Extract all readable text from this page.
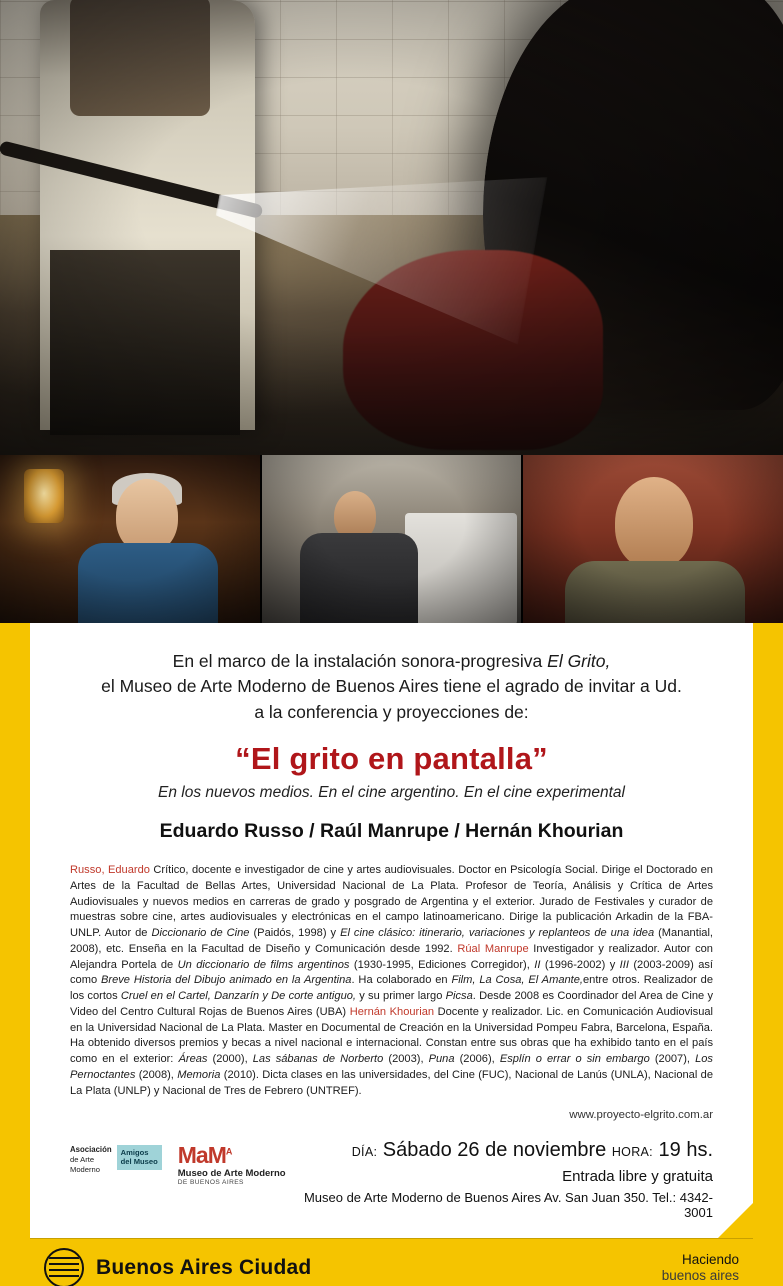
En el marco de la instalación sonora-progresiva El Grito,
el Museo de Arte Moderno de Buenos Aires tiene el agrado de invitar a Ud.
a la conferencia y proyecciones de:
“El grito en pantalla”
En los nuevos medios. En el cine argentino. En el cine experimental
Eduardo Russo / Raúl Manrupe / Hernán Khourian
Russo, Eduardo Crítico, docente e investigador de cine y artes audiovisuales. Doctor en Psicología Social. Dirige el Doctorado en Artes de la Facultad de Bellas Artes, Universidad Nacional de La Plata. Profesor de Teoría, Análisis y Crítica de Artes Audiovisuales y nuevos medios en carreras de grado y posgrado de Argentina y el exterior. Jurado de Festivales y curador de muestras sobre cine, artes audiovisuales y electrónicas en el campo latinoamericano. Dirige la publicación Arkadin de la FBA-UNLP. Autor de Diccionario de Cine (Paidós, 1998) y El cine clásico: itinerario, variaciones y replanteos de una idea (Manantial, 2008), etc. Enseña en la Facultad de Diseño y Comunicación desde 1992. Rúal Manrupe Investigador y realizador. Autor con Alejandra Portela de Un diccionario de films argentinos (1930-1995, Ediciones Corregidor), II (1996-2002) y III (2003-2009) así como Breve Historia del Dibujo animado en la Argentina. Ha colaborado en Film, La Cosa, El Amante,entre otros. Realizador de los cortos Cruel en el Cartel, Danzarín y De corte antiguo, y su primer largo Picsa. Desde 2008 es Coordinador del Area de Cine y Video del Centro Cultural Rojas de Buenos Aires (UBA) Hernán Khourian Docente y realizador. Lic. en Comunicación Audiovisual en la Universidad Nacional de La Plata. Master en Documental de Creación en la Universidad Pompeu Fabra, Barcelona, España. Ha obtenido diversos premios y becas a nivel nacional e internacional. Constan entre sus obras que ha exhibido tanto en el país como en el exterior: Áreas (2000), Las sábanas de Norberto (2003), Puna (2006), Esplín o errar o sin embargo (2007), Los Pernoctantes (2008), Memoria (2010). Dicta clases en las universidades, del Cine (FUC), Nacional de Lanús (UNLA), Nacional de La Plata (UNLP) y Nacional de Tres de Febrero (UNTREF).
www.proyecto-elgrito.com.ar
Asociación
de Arte
Moderno
Amigos
del Museo MaM$^A$
Museo de Arte Moderno
DE BUENOS AIRES
DÍA: Sábado 26 de noviembre HORA: 19 hs.
Entrada libre y gratuita
Museo de Arte Moderno de Buenos Aires Av. San Juan 350. Tel.: 4342-3001
Buenos Aires Ciudad	Haciendo
buenos aires
